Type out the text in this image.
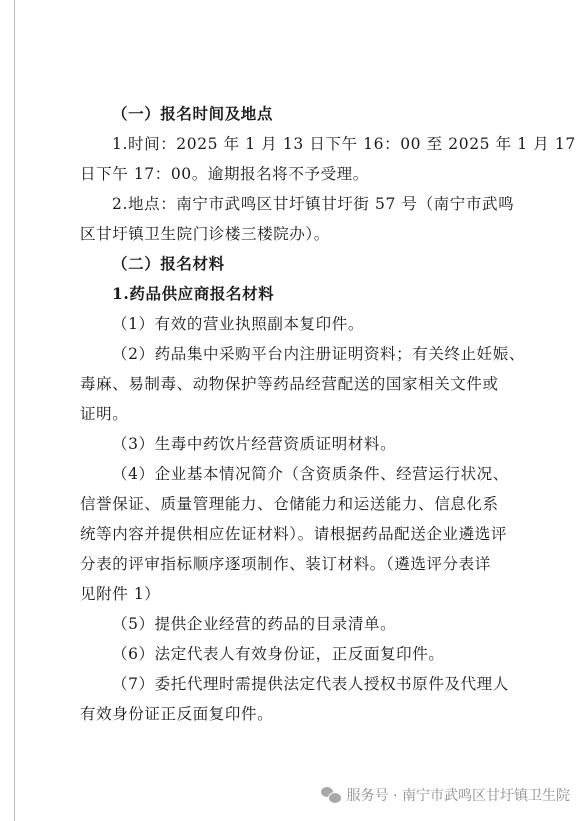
（一）报名时间及地点
1.时间：2025 年 1 月 13 日下午 16：00 至 2025 年 1 月 17
日下午 17：00。逾期报名将不予受理。
2.地点：南宁市武鸣区甘圩镇甘圩街 57 号（南宁市武鸣
区甘圩镇卫生院门诊楼三楼院办）。
（二）报名材料
1.药品供应商报名材料
（1）有效的营业执照副本复印件。
（2）药品集中采购平台内注册证明资料；有关终止妊娠、
毒麻、易制毒、动物保护等药品经营配送的国家相关文件或
证明。
（3）生毒中药饮片经营资质证明材料。
（4）企业基本情况简介（含资质条件、经营运行状况、
信誉保证、质量管理能力、仓储能力和运送能力、信息化系
统等内容并提供相应佐证材料）。请根据药品配送企业遴选评
分表的评审指标顺序逐项制作、装订材料。（遴选评分表详
见附件 1）
（5）提供企业经营的药品的目录清单。
（6）法定代表人有效身份证，正反面复印件。
（7）委托代理时需提供法定代表人授权书原件及代理人
有效身份证正反面复印件。
服务号 · 南宁市武鸣区甘圩镇卫生院
